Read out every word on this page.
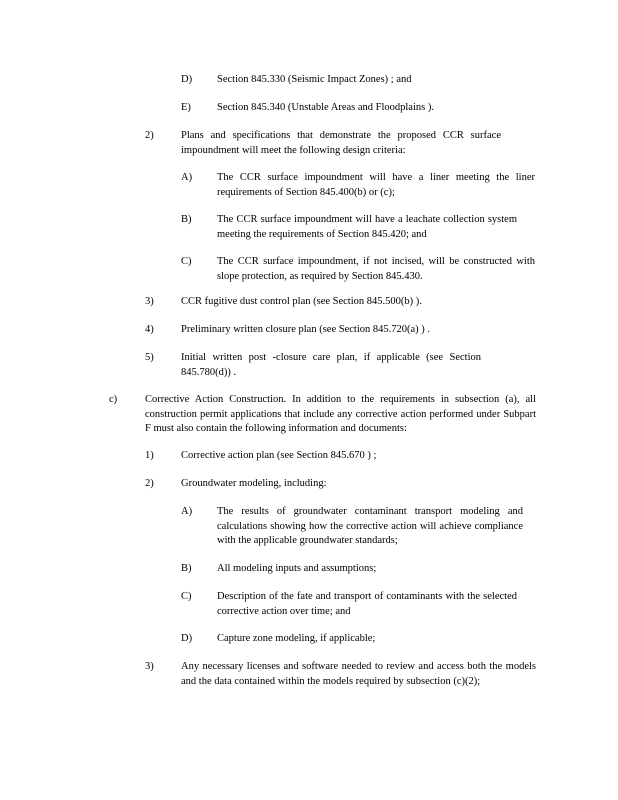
D) Section 845.330 (Seismic Impact Zones) ; and
E) Section 845.340 (Unstable Areas and Floodplains ).
2)	Plans and specifications that demonstrate the proposed CCR surface impoundment will meet the following design criteria:
A) The CCR surface impoundment will have a liner meeting the liner requirements of Section 845.400(b) or (c);
B) The CCR surface impoundment will have a leachate collection system meeting the requirements of Section 845.420; and
C) The CCR surface impoundment, if not incised, will be constructed with slope protection, as required by Section 845.430.
3)	CCR fugitive dust control plan (see Section 845.500(b) ).
4)	Preliminary written closure plan (see Section 845.720(a) ) .
5)	Initial written post -closure care plan, if applicable (see Section 845.780(d)) .
c)	Corrective Action Construction. In addition to the requirements in subsection (a), all construction permit applications that include any corrective action performed under Subpart F must also contain the following information and documents:
1)	Corrective action plan (see Section 845.670 ) ;
2)	Groundwater modeling, including:
A) The results of groundwater contaminant transport modeling and calculations showing how the corrective action will achieve compliance with the applicable groundwater standards;
B) All modeling inputs and assumptions;
C) Description of the fate and transport of contaminants with the selected corrective action over time; and
D) Capture zone modeling, if applicable;
3)	Any necessary licenses and software needed to review and access both the models and the data contained within the models required by subsection (c)(2);
